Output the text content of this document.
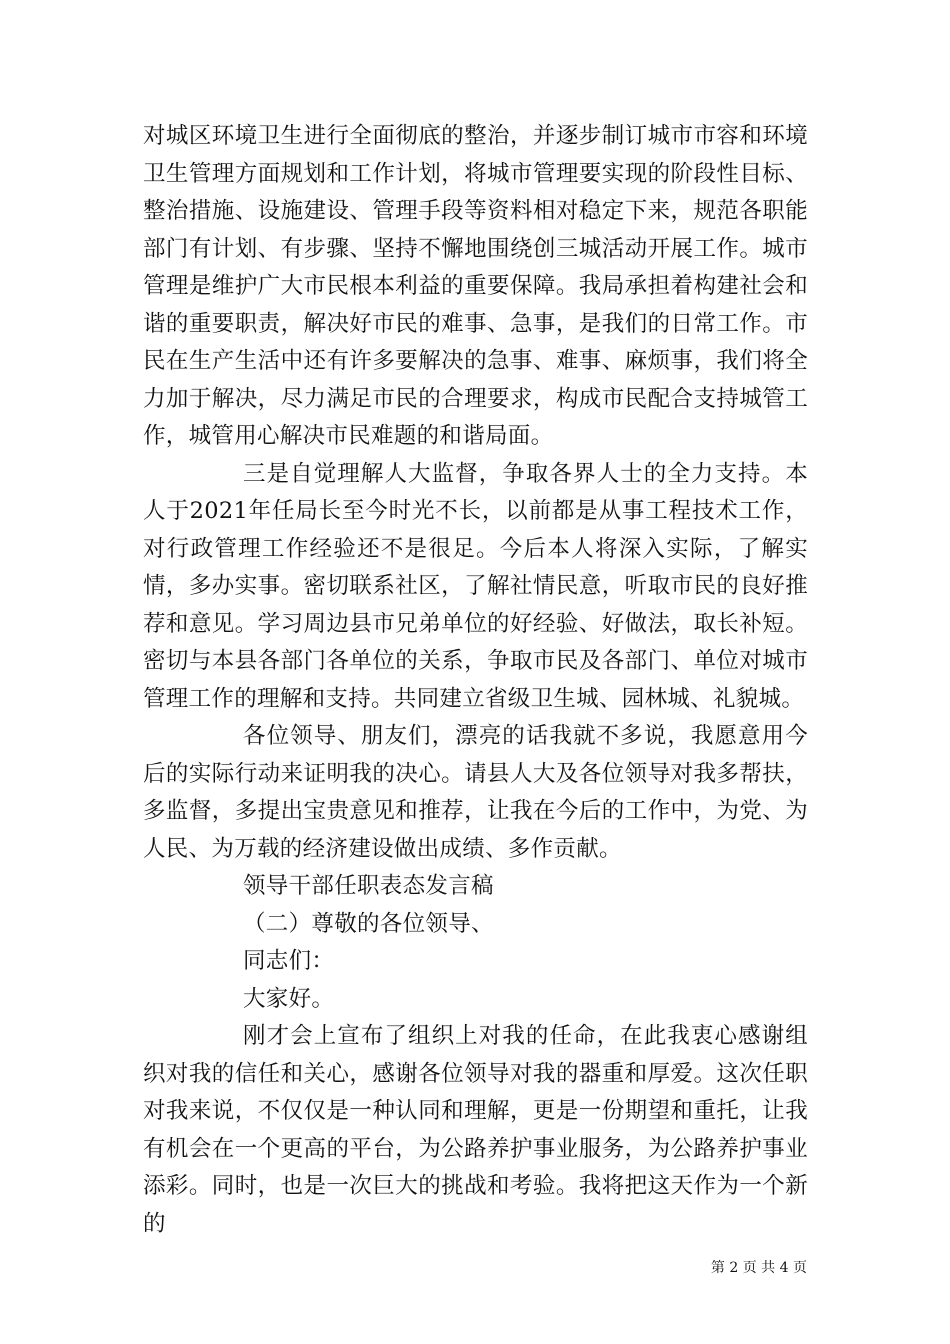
对城区环境卫生进行全面彻底的整治，并逐步制订城市市容和环境卫生管理方面规划和工作计划，将城市管理要实现的阶段性目标、整治措施、设施建设、管理手段等资料相对稳定下来，规范各职能部门有计划、有步骤、坚持不懈地围绕创三城活动开展工作。城市管理是维护广大市民根本利益的重要保障。我局承担着构建社会和谐的重要职责，解决好市民的难事、急事，是我们的日常工作。市民在生产生活中还有许多要解决的急事、难事、麻烦事，我们将全力加于解决，尽力满足市民的合理要求，构成市民配合支持城管工作，城管用心解决市民难题的和谐局面。

三是自觉理解人大监督，争取各界人士的全力支持。本人于2021年任局长至今时光不长，以前都是从事工程技术工作，对行政管理工作经验还不是很足。今后本人将深入实际，了解实情，多办实事。密切联系社区，了解社情民意，听取市民的良好推荐和意见。学习周边县市兄弟单位的好经验、好做法，取长补短。密切与本县各部门各单位的关系，争取市民及各部门、单位对城市管理工作的理解和支持。共同建立省级卫生城、园林城、礼貌城。

各位领导、朋友们，漂亮的话我就不多说，我愿意用今后的实际行动来证明我的决心。请县人大及各位领导对我多帮扶，多监督，多提出宝贵意见和推荐，让我在今后的工作中，为党、为人民、为万载的经济建设做出成绩、多作贡献。

领导干部任职表态发言稿

（二）尊敬的各位领导、

同志们：

大家好。

刚才会上宣布了组织上对我的任命，在此我衷心感谢组织对我的信任和关心，感谢各位领导对我的器重和厚爱。这次任职对我来说，不仅仅是一种认同和理解，更是一份期望和重托，让我有机会在一个更高的平台，为公路养护事业服务，为公路养护事业添彩。同时，也是一次巨大的挑战和考验。我将把这天作为一个新的

第 2 页 共 4 页
